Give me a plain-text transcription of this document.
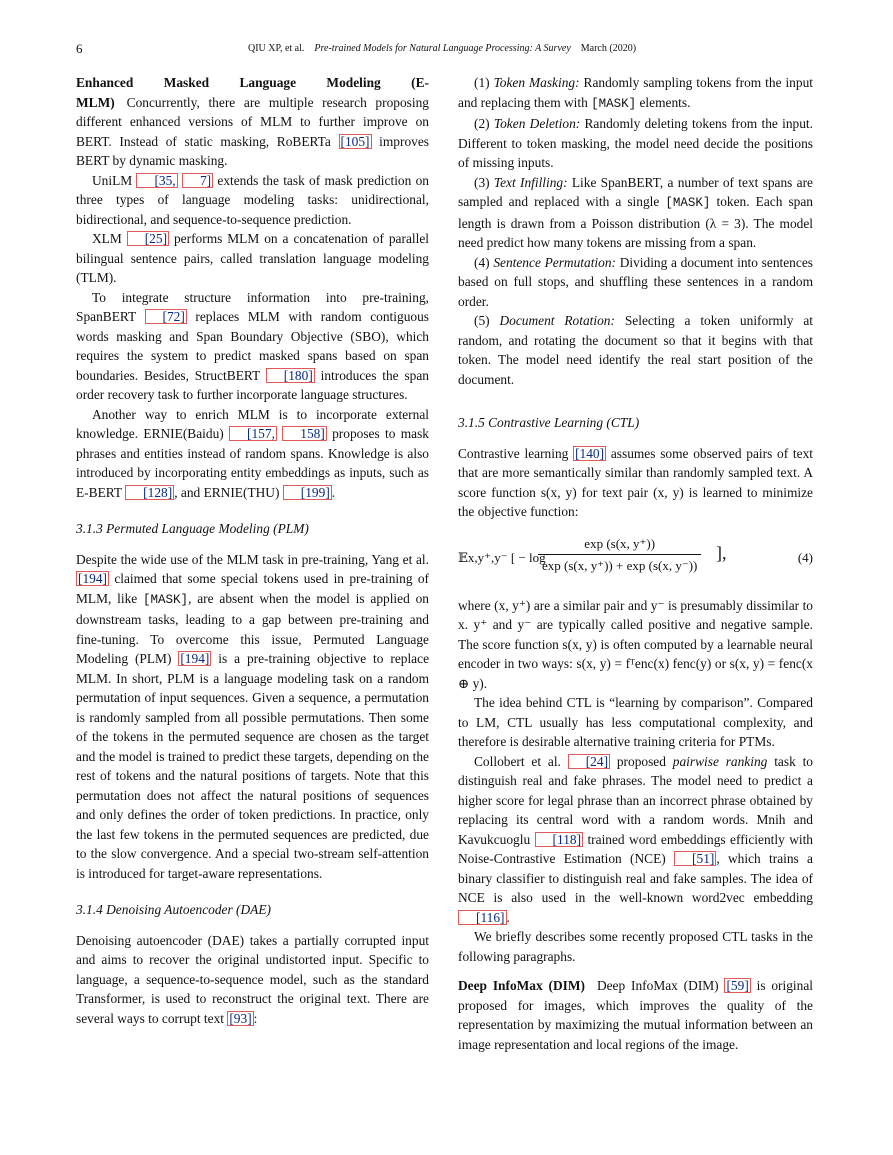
6	QIU XP, et al. Pre-trained Models for Natural Language Processing: A Survey March (2020)

Enhanced Masked Language Modeling (E-MLM) Concurrently, there are multiple research proposing different enhanced versions of MLM to further improve on BERT. Instead of static masking, RoBERTa [105] improves BERT by dynamic masking.

UniLM [35, 7] extends the task of mask prediction on three types of language modeling tasks: unidirectional, bidirectional, and sequence-to-sequence prediction.

XLM [25] performs MLM on a concatenation of parallel bilingual sentence pairs, called translation language modeling (TLM).

To integrate structure information into pre-training, SpanBERT [72] replaces MLM with random contiguous words masking and Span Boundary Objective (SBO), which requires the system to predict masked spans based on span boundaries. Besides, StructBERT [180] introduces the span order recovery task to further incorporate language structures.

Another way to enrich MLM is to incorporate external knowledge. ERNIE(Baidu) [157, 158] proposes to mask phrases and entities instead of random spans. Knowledge is also introduced by incorporating entity embeddings as inputs, such as E-BERT [128] , and ERNIE(THU) [199] .

3.1.3 Permuted Language Modeling (PLM)

Despite the wide use of the MLM task in pre-training, Yang et al. [194] claimed that some special tokens used in pre-training of MLM, like [MASK], are absent when the model is applied on downstream tasks, leading to a gap between pre-training and fine-tuning. To overcome this issue, Permuted Language Modeling (PLM) [194] is a pre-training objective to replace MLM. In short, PLM is a language modeling task on a random permutation of input sequences. Given a sequence, a permutation is randomly sampled from all possible permutations. Then some of the tokens in the permuted sequence are chosen as the target and the model is trained to predict these targets, depending on the rest of tokens and the natural positions of targets. Note that this permutation does not affect the natural positions of sequences and only defines the order of token predictions. In practice, only the last few tokens in the permuted sequences are predicted, due to the slow convergence. And a special two-stream self-attention is introduced for target-aware representations.

3.1.4 Denoising Autoencoder (DAE)

Denoising autoencoder (DAE) takes a partially corrupted input and aims to recover the original undistorted input. Specific to language, a sequence-to-sequence model, such as the standard Transformer, is used to reconstruct the original text. There are several ways to corrupt text [93] :

(1) Token Masking: Randomly sampling tokens from the input and replacing them with [MASK] elements.

(2) Token Deletion: Randomly deleting tokens from the input. Different to token masking, the model need decide the positions of missing inputs.

(3) Text Infilling: Like SpanBERT, a number of text spans are sampled and replaced with a single [MASK] token. Each span length is drawn from a Poisson distribution (λ = 3). The model need predict how many tokens are missing from a span.

(4) Sentence Permutation: Dividing a document into sentences based on full stops, and shuffling these sentences in a random order.

(5) Document Rotation: Selecting a token uniformly at random, and rotating the document so that it begins with that token. The model need identify the real start position of the document.

3.1.5 Contrastive Learning (CTL)

Contrastive learning [140] assumes some observed pairs of text that are more semantically similar than randomly sampled text. A score function s(x, y) for text pair (x, y) is learned to minimize the objective function:

𝔼x,y⁺,y⁻ [ − log
$\frac{\exp (s(x, y^+))}{\exp (s(x, y^+)) + \exp (s(x, y^-))}$ ],	(4)

where (x, y⁺) are a similar pair and y⁻ is presumably dissimilar to x. y⁺ and y⁻ are typically called positive and negative sample. The score function s(x, y) is often computed by a learnable neural encoder in two ways: s(x, y) = fᵀenc(x) fenc(y) or s(x, y) = fenc(x ⊕ y).

The idea behind CTL is “learning by comparison”. Compared to LM, CTL usually has less computational complexity, and therefore is desirable alternative training criteria for PTMs.

Collobert et al. [24] proposed pairwise ranking task to distinguish real and fake phrases. The model need to predict a higher score for legal phrase than an incorrect phrase obtained by replacing its central word with a random words. Mnih and Kavukcuoglu [118] trained word embeddings efficiently with Noise-Contrastive Estimation (NCE) [51] , which trains a binary classifier to distinguish real and fake samples. The idea of NCE is also used in the well-known word2vec embedding [116] .

We briefly describes some recently proposed CTL tasks in the following paragraphs.

Deep InfoMax (DIM) Deep InfoMax (DIM) [59] is original proposed for images, which improves the quality of the representation by maximizing the mutual information between an image representation and local regions of the image.
